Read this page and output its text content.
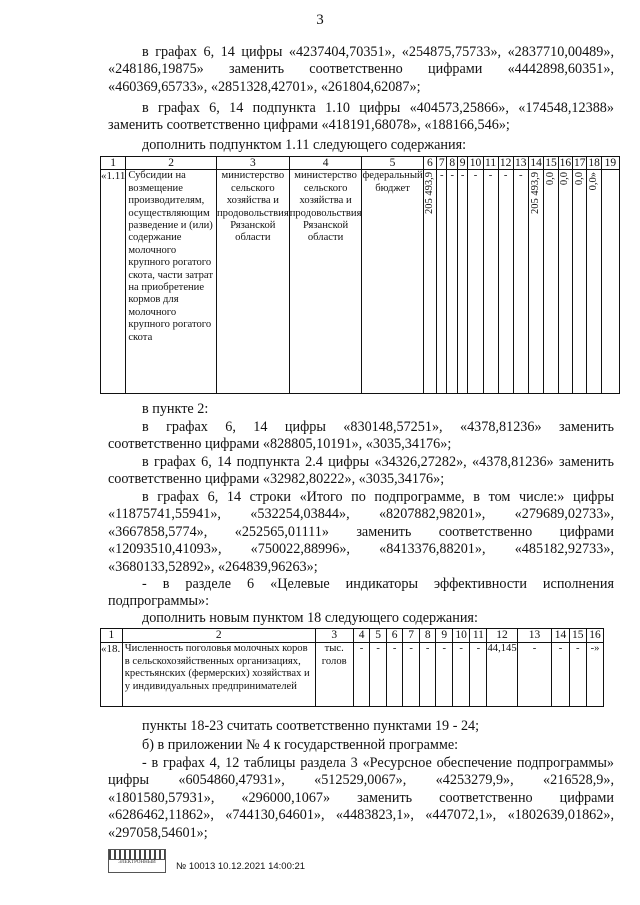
3
в графах 6, 14 цифры «4237404,70351», «254875,75733», «2837710,00489», «248186,19875» заменить соответственно цифрами «4442898,60351», «460369,65733», «2851328,42701», «261804,62087»;
в графах 6, 14 подпункта 1.10 цифры «404573,25866», «174548,12388» заменить соответственно цифрами «418191,68078», «188166,546»;
дополнить подпунктом 1.11 следующего содержания:
1	2	3	4	5	6	7	8	9	10	11	12	13	14	15	16	17	18	19
«1.11	Субсидии на возмещение производителям, осуществляющим разведение и (или) содержание молочного крупного рогатого скота, части затрат на приобретение кормов для молочного крупного рогатого скота	министерство сельского хозяйства и продовольствия Рязанской области	министерство сельского хозяйства и продовольствия Рязанской области	федеральный бюджет	205 493,9	-	-	-	-	-	-	-	205 493,9	0,0	0,0	0,0	0,0»	

в пункте 2:
в графах 6, 14 цифры «830148,57251», «4378,81236» заменить соответственно цифрами «828805,10191», «3035,34176»;
в графах 6, 14 подпункта 2.4 цифры «34326,27282», «4378,81236» заменить соответственно цифрами «32982,80222», «3035,34176»;
в графах 6, 14 строки «Итого по подпрограмме, в том числе:» цифры «11875741,55941», «532254,03844», «8207882,98201», «279689,02733», «3667858,5774», «252565,01111» заменить соответственно цифрами «12093510,41093», «750022,88996», «8413376,88201», «485182,92733», «3680133,52892», «264839,96263»;
- в разделе 6 «Целевые индикаторы эффективности исполнения подпрограммы»:
дополнить новым пунктом 18 следующего содержания:
1	2	3	4	5	6	7	8	9	10	11	12	13	14	15	16
«18.	Численность поголовья молочных коров в сельскохозяйственных организациях, крестьянских (фермерских) хозяйствах и у индивидуальных предпринимателей	тыс. голов	-	-	-	-	-	-	-	-	44,145	-	-	-	-»
пункты 18-23 считать соответственно пунктами 19 - 24;
б) в приложении № 4 к государственной программе:
- в графах 4, 12 таблицы раздела 3 «Ресурсное обеспечение подпрограммы» цифры «6054860,47931», «512529,0067», «4253279,9», «216528,9», «1801580,57931», «296000,1067» заменить соответственно цифрами «6286462,11862», «744130,64601», «4483823,1», «447072,1», «1802639,01862», «297058,54601»;
ЭЛЕКТРОННЫЙ	№ 10013 10.12.2021 14:00:21
